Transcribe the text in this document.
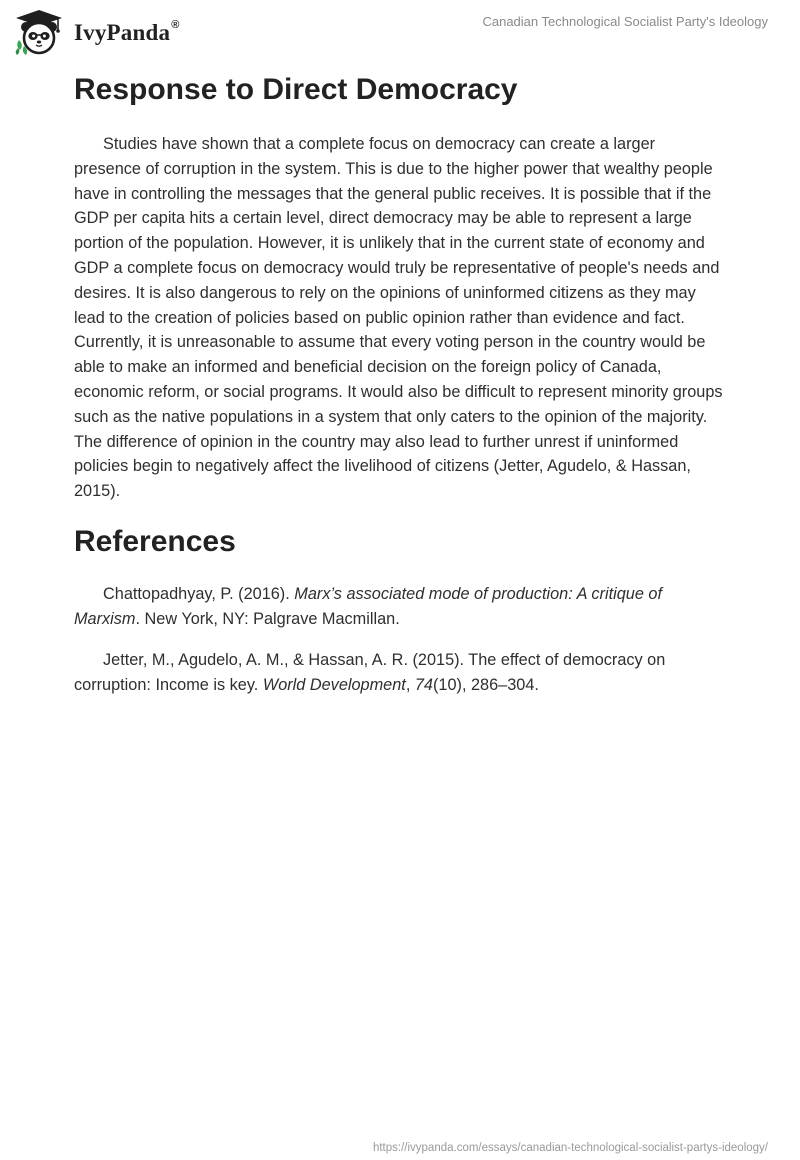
IvyPanda®	Canadian Technological Socialist Party's Ideology
Response to Direct Democracy

Studies have shown that a complete focus on democracy can create a larger presence of corruption in the system. This is due to the higher power that wealthy people have in controlling the messages that the general public receives. It is possible that if the GDP per capita hits a certain level, direct democracy may be able to represent a large portion of the population. However, it is unlikely that in the current state of economy and GDP a complete focus on democracy would truly be representative of people's needs and desires. It is also dangerous to rely on the opinions of uninformed citizens as they may lead to the creation of policies based on public opinion rather than evidence and fact. Currently, it is unreasonable to assume that every voting person in the country would be able to make an informed and beneficial decision on the foreign policy of Canada, economic reform, or social programs. It would also be difficult to represent minority groups such as the native populations in a system that only caters to the opinion of the majority. The difference of opinion in the country may also lead to further unrest if uninformed policies begin to negatively affect the livelihood of citizens (Jetter, Agudelo, & Hassan, 2015).

References

Chattopadhyay, P. (2016). Marx’s associated mode of production: A critique of Marxism. New York, NY: Palgrave Macmillan.

Jetter, M., Agudelo, A. M., & Hassan, A. R. (2015). The effect of democracy on corruption: Income is key. World Development, 74(10), 286–304.

https://ivypanda.com/essays/canadian-technological-socialist-partys-ideology/
